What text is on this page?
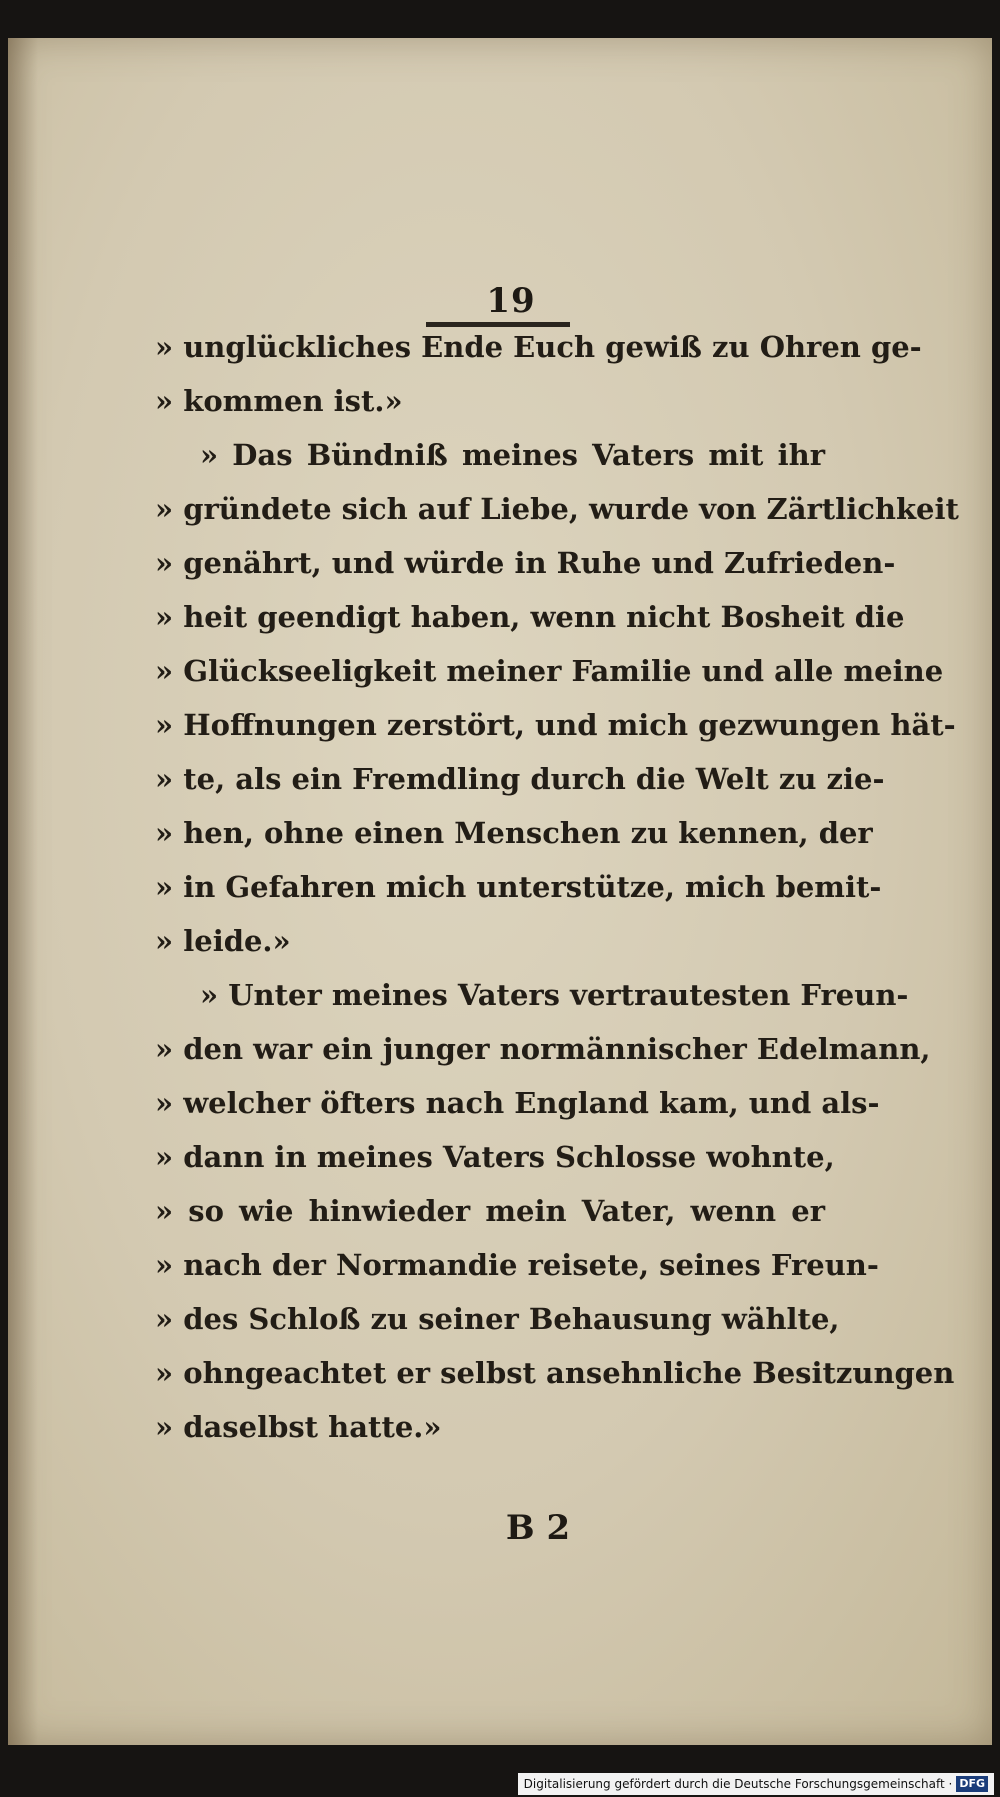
19
B 2
» unglückliches Ende Euch gewiß zu Ohren ge-
» kommen ist.»
» Das Bündniß meines Vaters mit ihr
» gründete sich auf Liebe, wurde von Zärtlichkeit
» genährt, und würde in Ruhe und Zufrieden-
» heit geendigt haben, wenn nicht Bosheit die
» Glückseeligkeit meiner Familie und alle meine
» Hoffnungen zerstört, und mich gezwungen hät-
» te, als ein Fremdling durch die Welt zu zie-
» hen, ohne einen Menschen zu kennen, der
» in Gefahren mich unterstütze, mich bemit-
» leide.»
» Unter meines Vaters vertrautesten Freun-
» den war ein junger normännischer Edelmann,
» welcher öfters nach England kam, und als-
» dann in meines Vaters Schlosse wohnte,
» so wie hinwieder mein Vater, wenn er
» nach der Normandie reisete, seines Freun-
» des Schloß zu seiner Behausung wählte,
» ohngeachtet er selbst ansehnliche Besitzungen
» daselbst hatte.»
Digitalisierung gefördert durch die Deutsche Forschungsgemeinschaft · DFG
